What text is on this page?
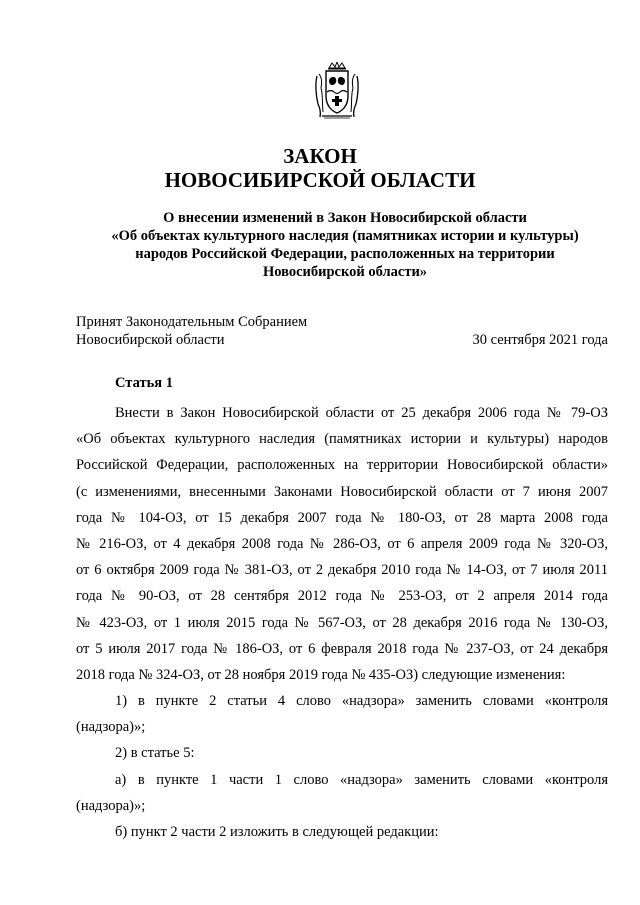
ЗАКОН
НОВОСИБИРСКОЙ ОБЛАСТИ
О внесении изменений в Закон Новосибирской области
«Об объектах культурного наследия (памятниках истории и культуры)
народов Российской Федерации, расположенных на территории
Новосибирской области»
Принят Законодательным Собранием
Новосибирской области	30 сентября 2021 года
Статья 1
Внести в Закон Новосибирской области от 25 декабря 2006 года № 79-ОЗ
«Об объектах культурного наследия (памятниках истории и культуры) народов
Российской Федерации, расположенных на территории Новосибирской области»
(с изменениями, внесенными Законами Новосибирской области от 7 июня 2007
года № 104-ОЗ, от 15 декабря 2007 года № 180-ОЗ, от 28 марта 2008 года
№ 216-ОЗ, от 4 декабря 2008 года № 286-ОЗ, от 6 апреля 2009 года № 320-ОЗ,
от 6 октября 2009 года № 381-ОЗ, от 2 декабря 2010 года № 14-ОЗ, от 7 июля 2011
года № 90-ОЗ, от 28 сентября 2012 года № 253-ОЗ, от 2 апреля 2014 года
№ 423-ОЗ, от 1 июля 2015 года № 567-ОЗ, от 28 декабря 2016 года № 130-ОЗ,
от 5 июля 2017 года № 186-ОЗ, от 6 февраля 2018 года № 237-ОЗ, от 24 декабря
2018 года № 324-ОЗ, от 28 ноября 2019 года № 435-ОЗ) следующие изменения:
1) в пункте 2 статьи 4 слово «надзора» заменить словами «контроля
(надзора)»;
2) в статье 5:
а) в пункте 1 части 1 слово «надзора» заменить словами «контроля
(надзора)»;
б) пункт 2 части 2 изложить в следующей редакции:
